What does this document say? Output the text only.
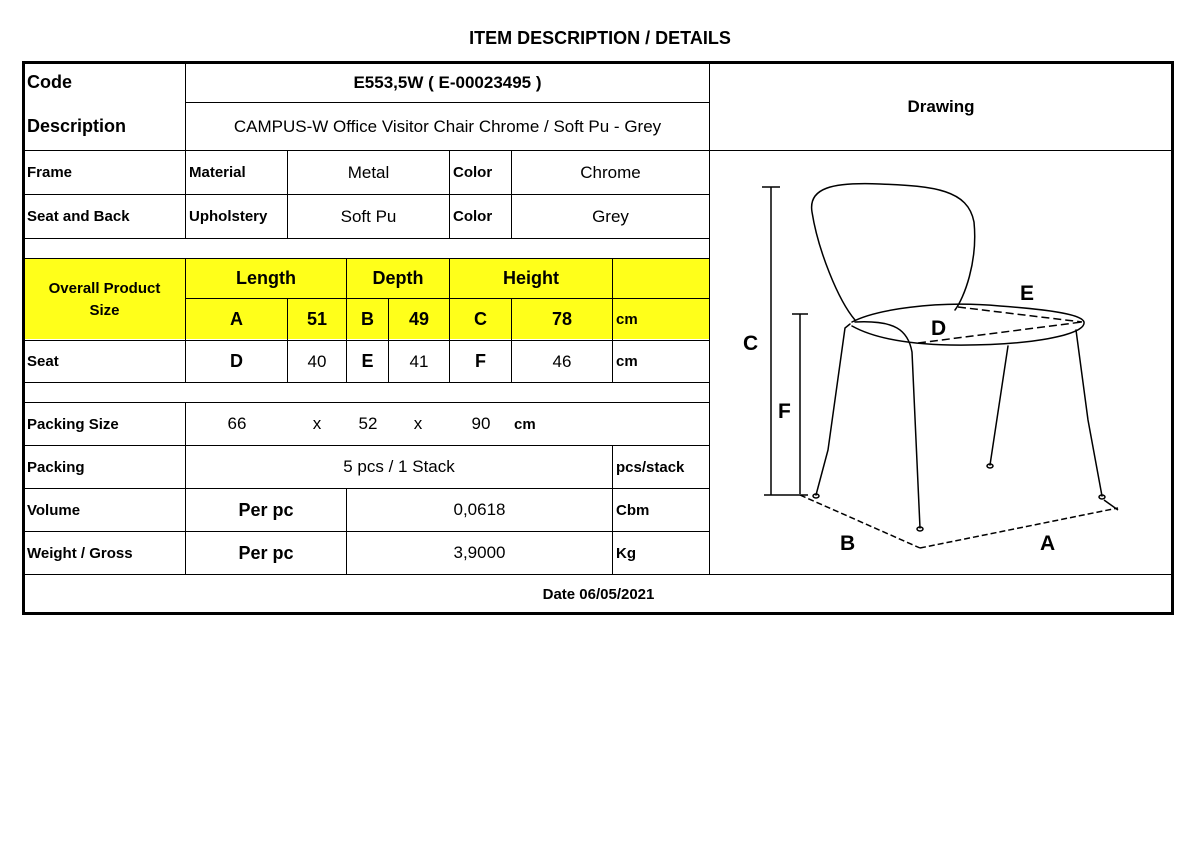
ITEM DESCRIPTION / DETAILS
Code	E553,5W ( E-00023495 )
Description	CAMPUS-W Office Visitor Chair Chrome / Soft Pu - Grey
Drawing
Frame	Material	Metal	Color	Chrome
Seat and Back	Upholstery	Soft Pu	Color	Grey
Overall Product Size
Length	Depth	Height
A	51	B	49	C	78	cm
Seat	D	40	E	41	F	46	cm
Packing Size	66	x	52	x	90	cm
Packing	5 pcs / 1 Stack	pcs/stack
Volume	Per pc	0,0618	Cbm
Weight / Gross	Per pc	3,9000	Kg
Date 06/05/2021
C
F
B	A
D
E
